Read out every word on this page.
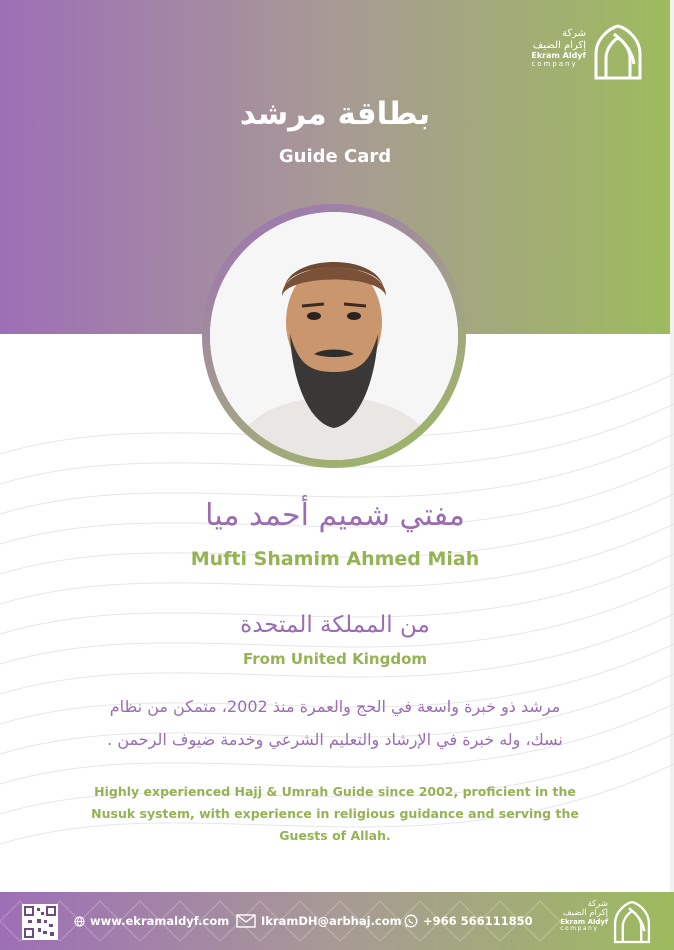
شركة
إكرام الضيف
Ekram Aldyf
company
بطاقة مرشد
Guide Card
مفتي شميم أحمد ميا
Mufti Shamim Ahmed Miah
من المملكة المتحدة
From United Kingdom
مرشد ذو خبرة واسعة في الحج والعمرة منذ 2002، متمكن من نظام نسك، وله خبرة في الإرشاد والتعليم الشرعي وخدمة ضيوف الرحمن .
Highly experienced Hajj & Umrah Guide since 2002, proficient in the Nusuk system, with experience in religious guidance and serving the Guests of Allah.
www.ekramaldyf.com	IkramDH@arbhaj.com +966 566111850
شركة
إكرام الضيف
Ekram Aldyf
company
